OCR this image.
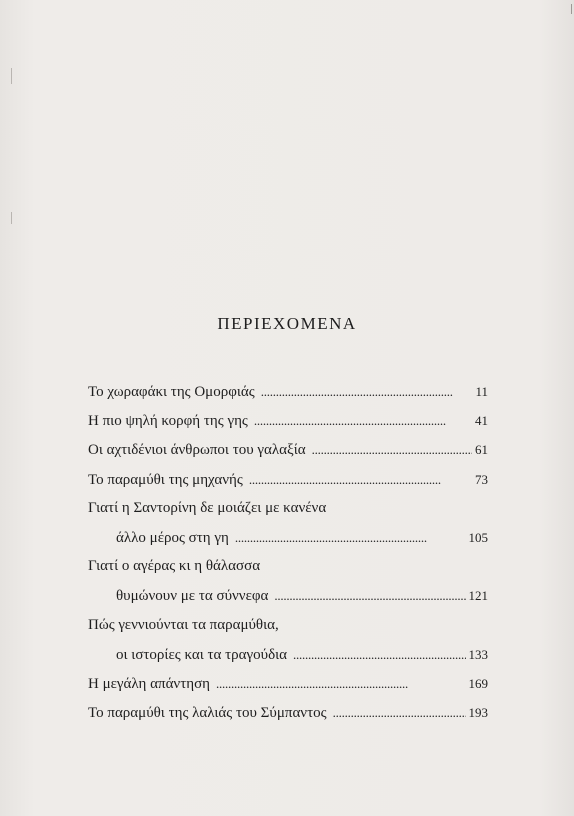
ΠΕΡΙΕΧΟΜΕΝΑ
Το χωραφάκι της Ομορφιάς . . .	11
Η πιο ψηλή κορφή της γης . . .	41
Οι αχτιδένιοι άνθρωποι του γαλαξία . . .	61
Το παραμύθι της μηχανής . . .	73
Γιατί η Σαντορίνη δε μοιάζει με κανένα
άλλο μέρος στη γη . . .	105
Γιατί ο αγέρας κι η θάλασσα
θυμώνουν με τα σύννεφα . . .	121
Πώς γεννιούνται τα παραμύθια,
οι ιστορίες και τα τραγούδια . . .	133
Η μεγάλη απάντηση . . .	169
Το παραμύθι της λαλιάς του Σύμπαντος . . .	193
